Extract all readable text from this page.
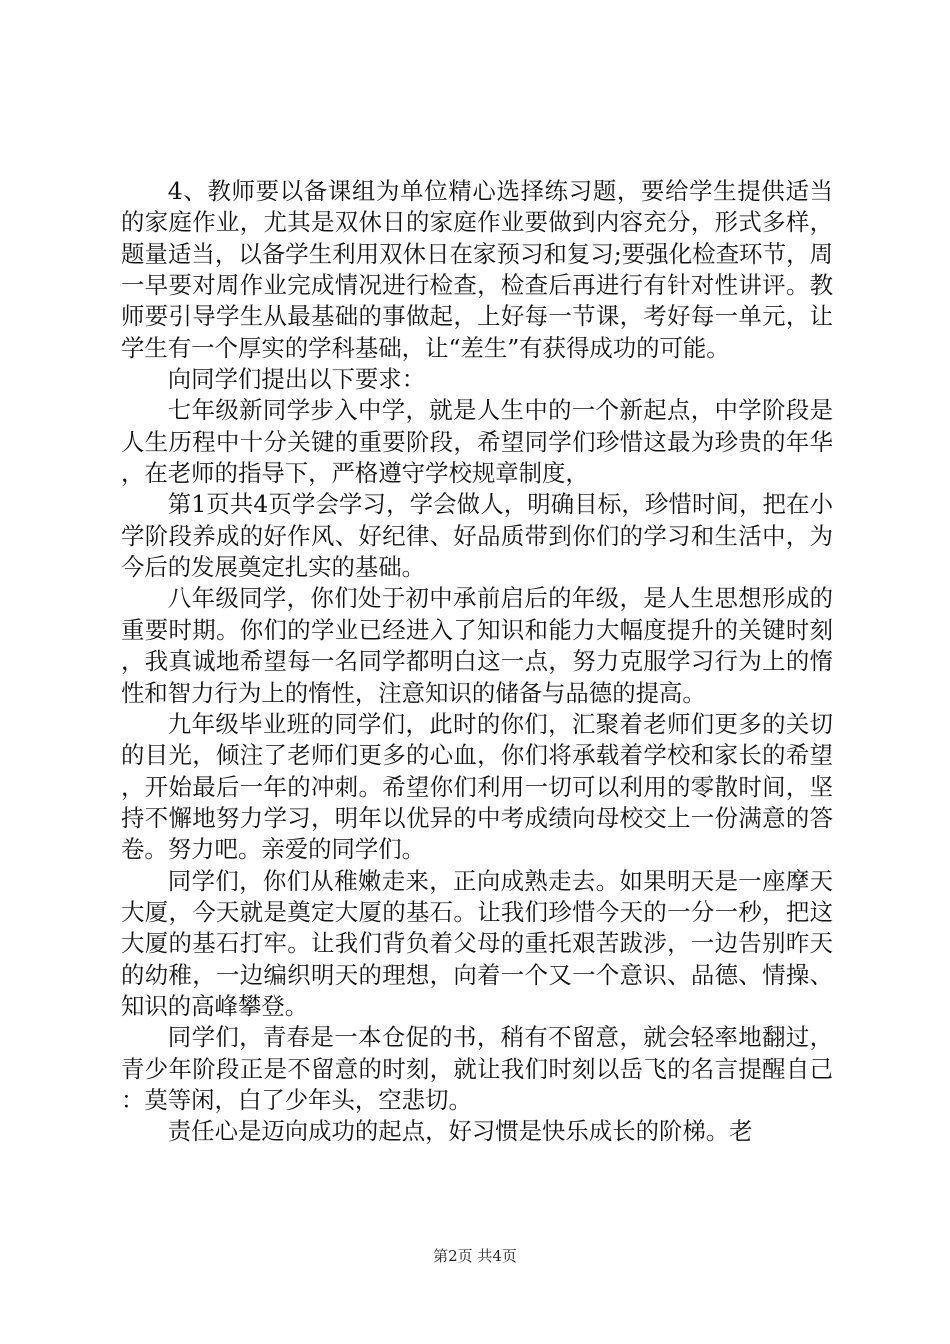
4、教师要以备课组为单位精心选择练习题，要给学生提供适当的家庭作业，尤其是双休日的家庭作业要做到内容充分，形式多样，题量适当，以备学生利用双休日在家预习和复习;要强化检查环节，周一早要对周作业完成情况进行检查，检查后再进行有针对性讲评。教师要引导学生从最基础的事做起，上好每一节课，考好每一单元，让学生有一个厚实的学科基础，让“差生”有获得成功的可能。

向同学们提出以下要求：

七年级新同学步入中学，就是人生中的一个新起点，中学阶段是人生历程中十分关键的重要阶段，希望同学们珍惜这最为珍贵的年华，在老师的指导下，严格遵守学校规章制度，

第1页共4页学会学习，学会做人，明确目标，珍惜时间，把在小学阶段养成的好作风、好纪律、好品质带到你们的学习和生活中，为今后的发展奠定扎实的基础。

八年级同学，你们处于初中承前启后的年级，是人生思想形成的重要时期。你们的学业已经进入了知识和能力大幅度提升的关键时刻，我真诚地希望每一名同学都明白这一点，努力克服学习行为上的惰性和智力行为上的惰性，注意知识的储备与品德的提高。

九年级毕业班的同学们，此时的你们，汇聚着老师们更多的关切的目光，倾注了老师们更多的心血，你们将承载着学校和家长的希望，开始最后一年的冲刺。希望你们利用一切可以利用的零散时间，坚持不懈地努力学习，明年以优异的中考成绩向母校交上一份满意的答卷。努力吧。亲爱的同学们。

同学们，你们从稚嫩走来，正向成熟走去。如果明天是一座摩天大厦，今天就是奠定大厦的基石。让我们珍惜今天的一分一秒，把这大厦的基石打牢。让我们背负着父母的重托艰苦跋涉，一边告别昨天的幼稚，一边编织明天的理想，向着一个又一个意识、品德、情操、知识的高峰攀登。

同学们，青春是一本仓促的书，稍有不留意，就会轻率地翻过，青少年阶段正是不留意的时刻，就让我们时刻以岳飞的名言提醒自己：莫等闲，白了少年头，空悲切。

责任心是迈向成功的起点，好习惯是快乐成长的阶梯。老

第2页 共4页
